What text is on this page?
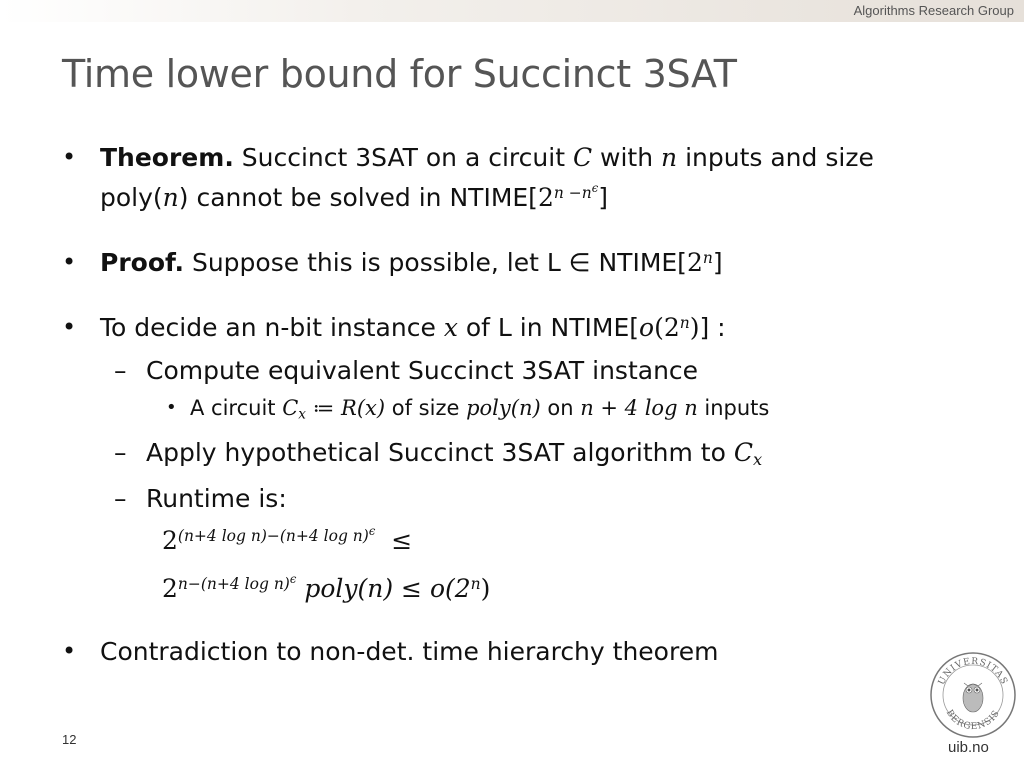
Algorithms Research Group
Time lower bound for Succinct 3SAT
• Theorem. Succinct 3SAT on a circuit C with n inputs and size
poly(n) cannot be solved in $NTIME[2^{n -n^\epsilon}]$
• Proof. Suppose this is possible, let L ∈ NTIME[2$^n$]
• To decide an n-bit instance x of L in NTIME[o(2$^n$)] :
– Compute equivalent Succinct 3SAT instance
• A circuit $C_x$ ≔ R(x) of size poly(n) on n + 4 log n inputs
– Apply hypothetical Succinct 3SAT algorithm to $C_x$
– Runtime is:
$2^{(n+4 log n)-(n+4 log n)^\epsilon}$ ≤
$2^{n-(n+4 log n)^\epsilon}$ poly(n) ≤ $o(2^n)$
• Contradiction to non-det. time hierarchy theorem
12
UNIVERSITAS
BERGENSIS
uib.no
